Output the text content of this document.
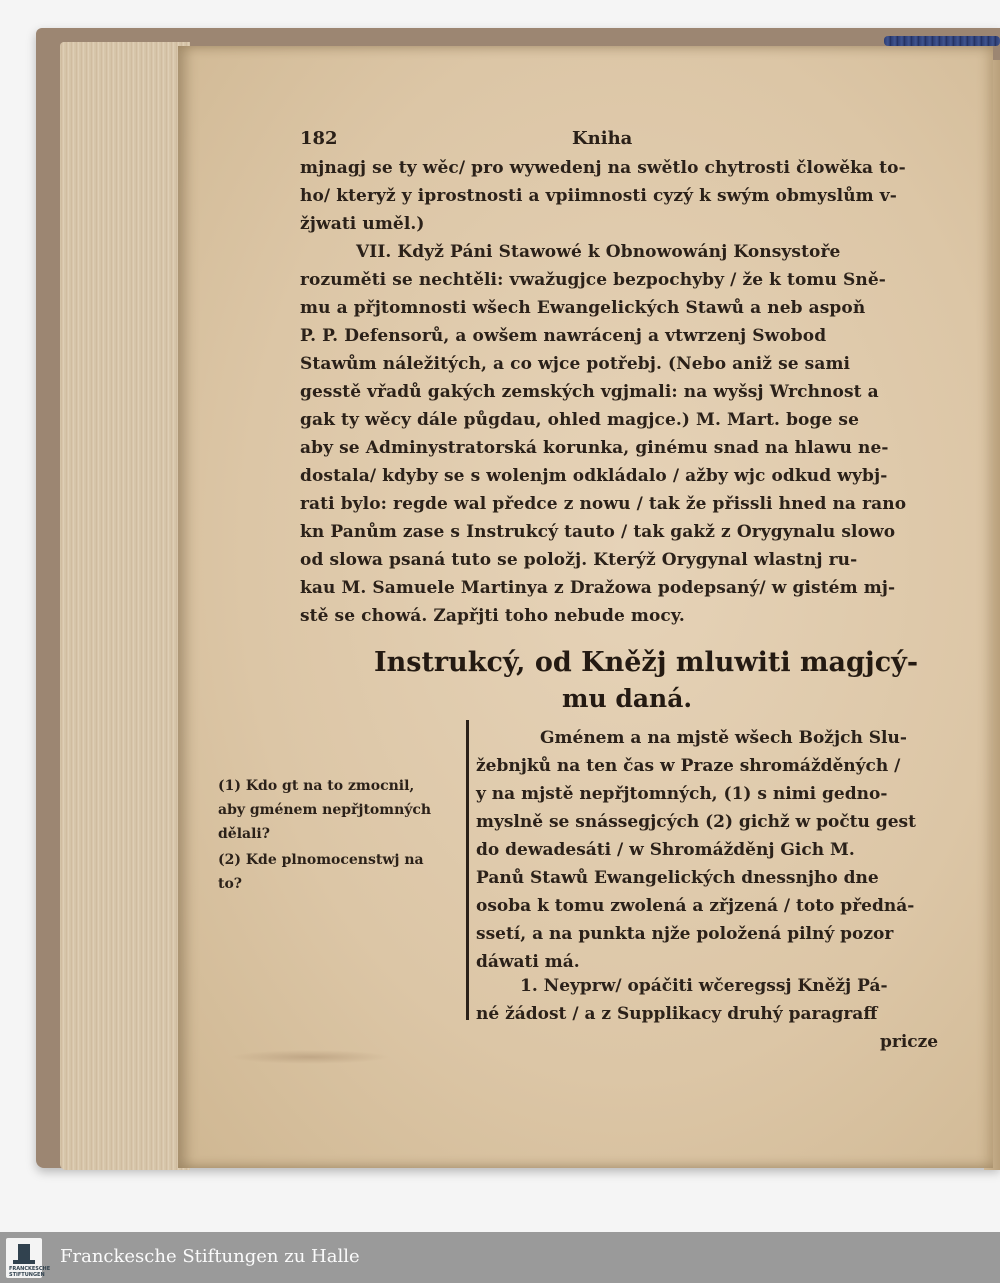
182	Kniha
mjnagj se ty wěc/ pro wywedenj na swětlo chytrosti člowěka to-
ho/ kteryž y iprostnosti a vpiimnosti cyzý k swým obmyslům v-
žjwati uměl.)
VII. Když Páni Stawowé k Obnowowánj Konsystoře
rozuměti se nechtěli: vwažugjce bezpochyby / že k tomu Sně-
mu a přjtomnosti wšech Ewangelických Stawů a neb aspoň
P. P. Defensorů, a owšem nawrácenj a vtwrzenj Swobod
Stawům náležitých, a co wjce potřebj. (Nebo aniž se sami
gesstě vřadů gakých zemských vgjmali: na wyšsj Wrchnost a
gak ty wěcy dále půgdau, ohled magjce.) M. Mart. boge se
aby se Adminystratorská korunka, ginému snad na hlawu ne-
dostala/ kdyby se s wolenjm odkládalo / ažby wjc odkud wybj-
rati bylo: regde wal předce z nowu / tak že přissli hned na rano
kn Panům zase s Instrukcý tauto / tak gakž z Orygynalu slowo
od slowa psaná tuto se položj. Kterýž Orygynal wlastnj ru-
kau M. Samuele Martinya z Dražowa podepsaný/ w gistém mj-
stě se chowá. Zapřjti toho nebude mocy.
Instrukcý, od Kněžj mluwiti magjcý-
mu daná.
Gménem a na mjstě wšech Božjch Slu-
žebnjků na ten čas w Praze shromážděných /
y na mjstě nepřjtomných, (1) s nimi gedno-
myslně se snássegjcých (2) gichž w počtu gest
do dewadesáti / w Shromážděnj Gich M.
Panů Stawů Ewangelických dnessnjho dne
osoba k tomu zwolená a zřjzená / toto předná-
ssetí, a na punkta njže položená pilný pozor
dáwati má.
1. Neyprw/ opáčiti wčeregssj Kněžj Pá-
né žádost / a z Supplikacy druhý paragraff
(1) Kdo gt na to zmocnil,
aby gménem nepřjtomných
dělali?
(2) Kde plnomocenstwj na
to?
pricze
FRANCKESCHE STIFTUNGEN
Franckesche Stiftungen zu Halle
